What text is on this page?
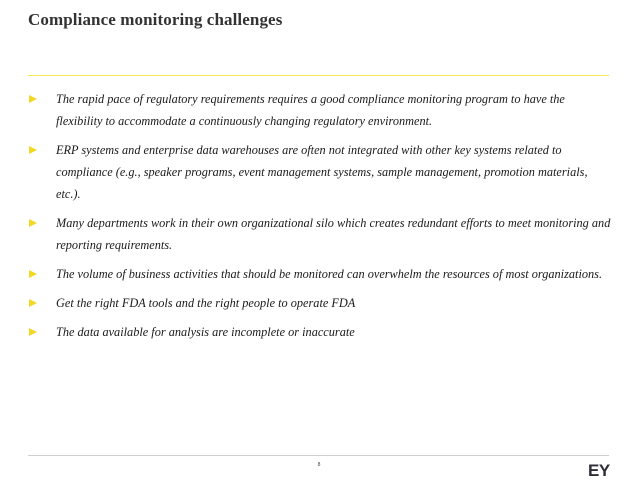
Compliance monitoring challenges
The rapid pace of regulatory requirements requires a good compliance monitoring program to have the flexibility to accommodate a continuously changing regulatory environment.
ERP systems and enterprise data warehouses are often not integrated with other key systems related to compliance (e.g., speaker programs, event management systems, sample management, promotion materials, etc.).
Many departments work in their own organizational silo which creates redundant efforts to meet monitoring and reporting requirements.
The volume of business activities that should be monitored can overwhelm the resources of most organizations.
Get the right FDA tools and the right people to operate FDA
The data available for analysis are incomplete or inaccurate
8	EY
